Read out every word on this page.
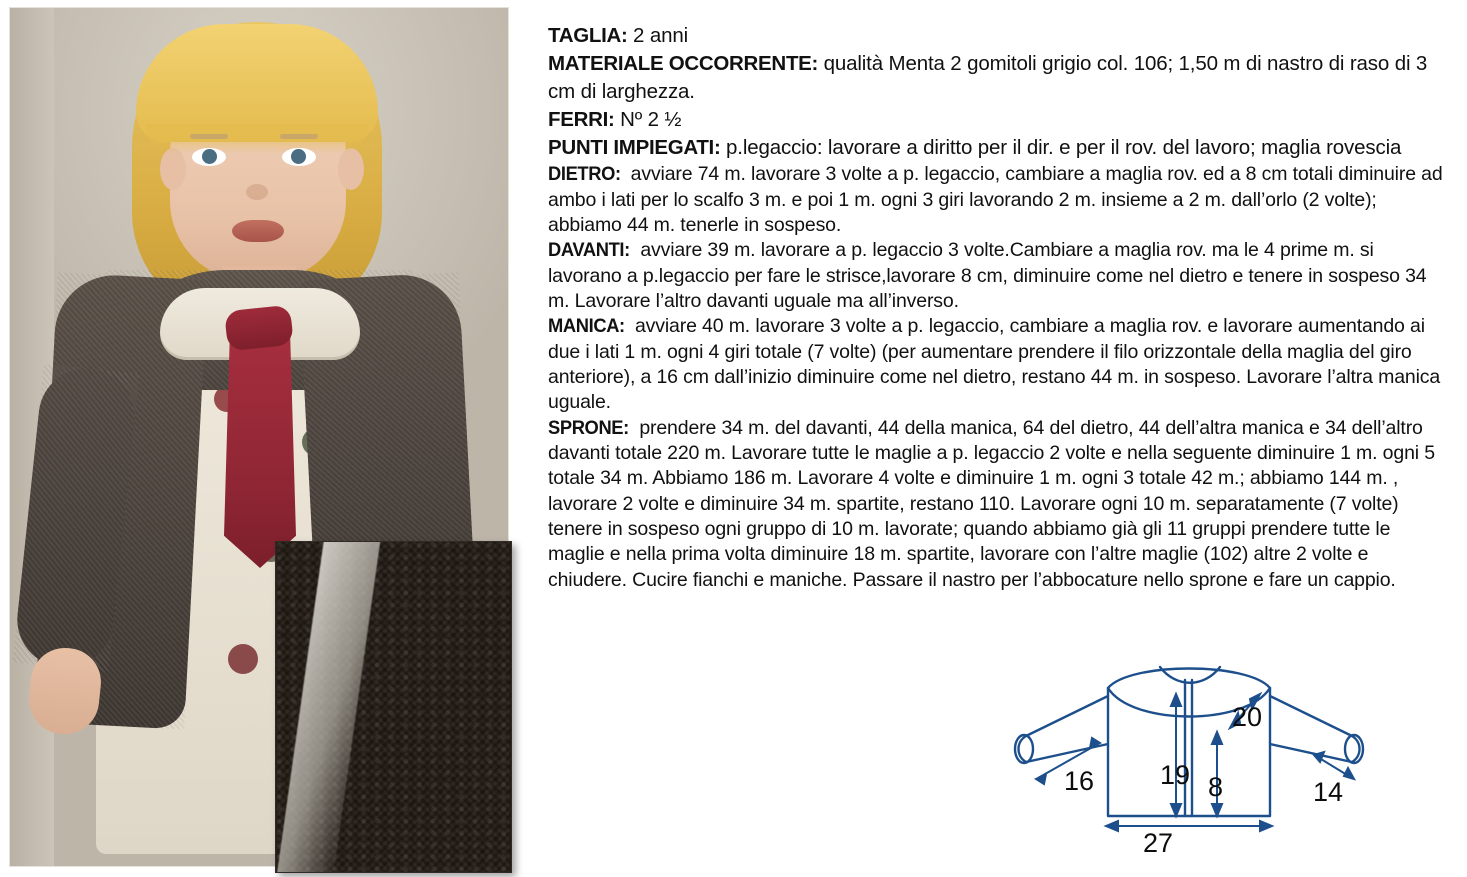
TAGLIA: 2 anni

MATERIALE OCCORRENTE: qualità Menta 2 gomitoli grigio col. 106; 1,50 m di nastro di raso di 3 cm di larghezza.

FERRI: Nº 2 ½

PUNTI IMPIEGATI: p.legaccio: lavorare a diritto per il dir. e per il rov. del lavoro; maglia rovescia

DIETRO: avviare 74 m. lavorare 3 volte a p. legaccio, cambiare a maglia rov. ed a 8 cm totali diminuire ad ambo i lati per lo scalfo 3 m. e poi 1 m. ogni 3 giri lavorando 2 m. insieme a 2 m. dall’orlo (2 volte); abbiamo 44 m. tenerle in sospeso.

DAVANTI: avviare 39 m. lavorare a p. legaccio 3 volte.Cambiare a maglia rov. ma le 4 prime m. si lavorano a p.legaccio per fare le strisce,lavorare 8 cm, diminuire come nel dietro e tenere in sospeso 34 m. Lavorare l’altro davanti uguale ma all’inverso.

MANICA: avviare 40 m. lavorare 3 volte a p. legaccio, cambiare a maglia rov. e lavorare aumentando ai due i lati 1 m. ogni 4 giri totale (7 volte) (per aumentare prendere il filo orizzontale della maglia del giro anteriore), a 16 cm dall’inizio diminuire come nel dietro, restano 44 m. in sospeso. Lavorare l’altra manica uguale.

SPRONE: prendere 34 m. del davanti, 44 della manica, 64 del dietro, 44 dell’altra manica e 34 dell’altro davanti totale 220 m. Lavorare tutte le maglie a p. legaccio 2 volte e nella seguente diminuire 1 m. ogni 5 totale 34 m. Abbiamo 186 m. Lavorare 4 volte e diminuire 1 m. ogni 3 totale 42 m.; abbiamo 144 m. , lavorare 2 volte e diminuire 34 m. spartite, restano 110. Lavorare ogni 10 m. separatamente (7 volte) tenere in sospeso ogni gruppo di 10 m. lavorate; quando abbiamo già gli 11 gruppi prendere tutte le maglie e nella prima volta diminuire 18 m. spartite, lavorare con l’altre maglie (102) altre 2 volte e chiudere. Cucire fianchi e maniche. Passare il nastro per l’abbocature nello sprone e fare un cappio.

16 19 8
20
14
27
